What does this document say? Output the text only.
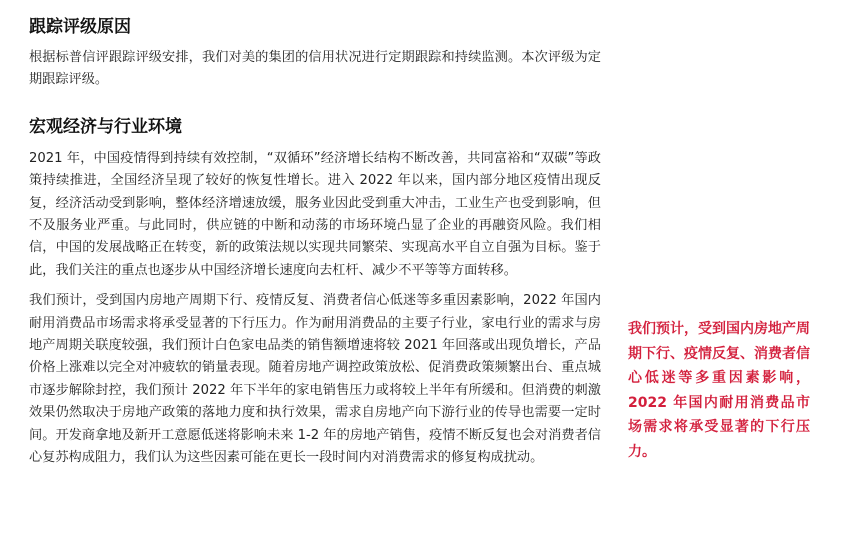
跟踪评级原因

根据标普信评跟踪评级安排，我们对美的集团的信用状况进行定期跟踪和持续监测。本次评级为定期跟踪评级。

宏观经济与行业环境

2021 年，中国疫情得到持续有效控制，“双循环”经济增长结构不断改善，共同富裕和“双碳”等政策持续推进，全国经济呈现了较好的恢复性增长。进入 2022 年以来，国内部分地区疫情出现反复，经济活动受到影响，整体经济增速放缓，服务业因此受到重大冲击，工业生产也受到影响，但不及服务业严重。与此同时，供应链的中断和动荡的市场环境凸显了企业的再融资风险。我们相信，中国的发展战略正在转变，新的政策法规以实现共同繁荣、实现高水平自立自强为目标。鉴于此，我们关注的重点也逐步从中国经济增长速度向去杠杆、减少不平等等方面转移。

我们预计，受到国内房地产周期下行、疫情反复、消费者信心低迷等多重因素影响，2022 年国内耐用消费品市场需求将承受显著的下行压力。作为耐用消费品的主要子行业，家电行业的需求与房地产周期关联度较强，我们预计白色家电品类的销售额增速将较 2021 年回落或出现负增长，产品价格上涨难以完全对冲疲软的销量表现。随着房地产调控政策放松、促消费政策频繁出台、重点城市逐步解除封控，我们预计 2022 年下半年的家电销售压力或将较上半年有所缓和。但消费的刺激效果仍然取决于房地产政策的落地力度和执行效果，需求自房地产向下游行业的传导也需要一定时间。开发商拿地及新开工意愿低迷将影响未来 1-2 年的房地产销售，疫情不断反复也会对消费者信心复苏构成阻力，我们认为这些因素可能在更长一段时间内对消费需求的修复构成扰动。

我们预计，受到国内房地产周期下行、疫情反复、消费者信心低迷等多重因素影响，2022 年国内耐用消费品市场需求将承受显著的下行压力。
